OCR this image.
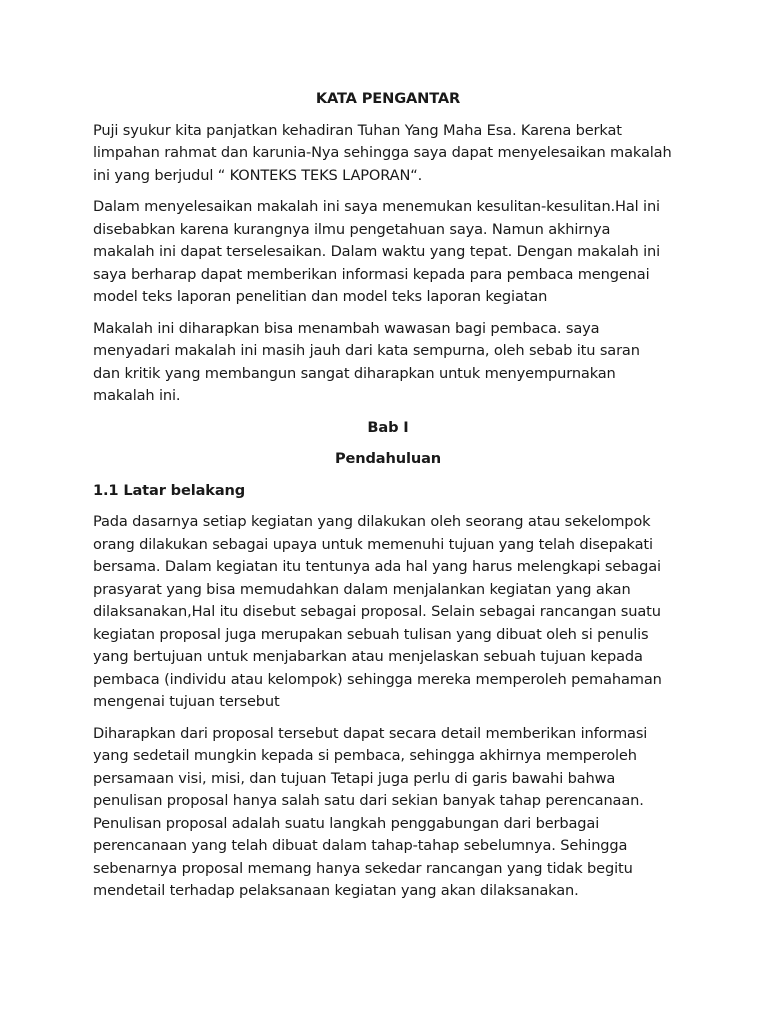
KATA PENGANTAR
Puji syukur kita panjatkan kehadiran Tuhan Yang Maha Esa. Karena berkat
limpahan rahmat dan karunia-Nya sehingga saya dapat menyelesaikan makalah
ini yang berjudul “ KONTEKS TEKS LAPORAN“.
Dalam menyelesaikan makalah ini saya menemukan kesulitan-kesulitan.Hal ini
disebabkan karena kurangnya ilmu pengetahuan saya. Namun akhirnya
makalah ini dapat terselesaikan. Dalam waktu yang tepat. Dengan makalah ini
saya berharap dapat memberikan informasi kepada para pembaca mengenai
model teks laporan penelitian dan model teks laporan kegiatan
Makalah ini diharapkan bisa menambah wawasan bagi pembaca. saya
menyadari makalah ini masih jauh dari kata sempurna, oleh sebab itu saran
dan kritik yang membangun sangat diharapkan untuk menyempurnakan
makalah ini.
Bab I
Pendahuluan
1.1 Latar belakang
Pada dasarnya setiap kegiatan yang dilakukan oleh seorang atau sekelompok
orang dilakukan sebagai upaya untuk memenuhi tujuan yang telah disepakati
bersama. Dalam kegiatan itu tentunya ada hal yang harus melengkapi sebagai
prasyarat yang bisa memudahkan dalam menjalankan kegiatan yang akan
dilaksanakan,Hal itu disebut sebagai proposal. Selain sebagai rancangan suatu
kegiatan proposal juga merupakan sebuah tulisan yang dibuat oleh si penulis
yang bertujuan untuk menjabarkan atau menjelaskan sebuah tujuan kepada
pembaca (individu atau kelompok) sehingga mereka memperoleh pemahaman
mengenai tujuan tersebut
Diharapkan dari proposal tersebut dapat secara detail memberikan informasi
yang sedetail mungkin kepada si pembaca, sehingga akhirnya memperoleh
persamaan visi, misi, dan tujuan Tetapi juga perlu di garis bawahi bahwa
penulisan proposal hanya salah satu dari sekian banyak tahap perencanaan.
Penulisan proposal adalah suatu langkah penggabungan dari berbagai
perencanaan yang telah dibuat dalam tahap-tahap sebelumnya. Sehingga
sebenarnya proposal memang hanya sekedar rancangan yang tidak begitu
mendetail terhadap pelaksanaan kegiatan yang akan dilaksanakan.
